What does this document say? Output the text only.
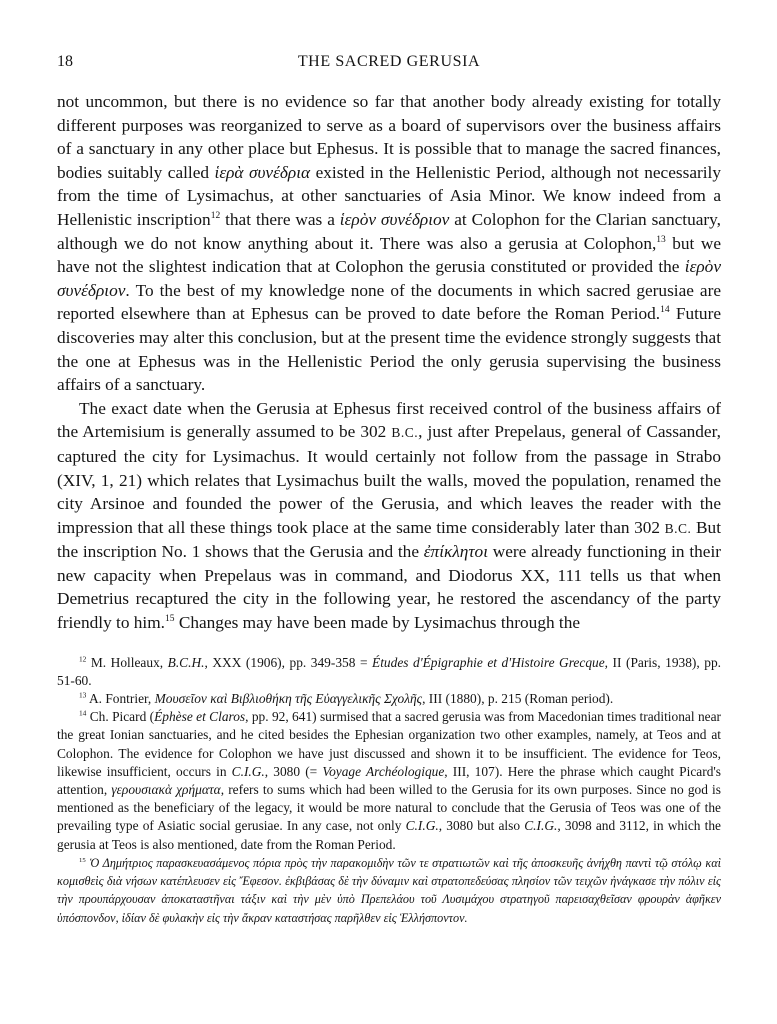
18	THE SACRED GERUSIA

not uncommon, but there is no evidence so far that another body already existing for totally different purposes was reorganized to serve as a board of supervisors over the business affairs of a sanctuary in any other place but Ephesus. It is possible that to manage the sacred finances, bodies suitably called ἱερὰ συνέδρια existed in the Hellenistic Period, although not necessarily from the time of Lysimachus, at other sanctuaries of Asia Minor. We know indeed from a Hellenistic inscription$^{12}$ that there was a ἱερὸν συνέδριον at Colophon for the Clarian sanctuary, although we do not know anything about it. There was also a gerusia at Colophon,$^{13}$ but we have not the slightest indication that at Colophon the gerusia constituted or provided the ἱερὸν συνέδριον. To the best of my knowledge none of the documents in which sacred gerusiae are reported elsewhere than at Ephesus can be proved to date before the Roman Period.$^{14}$ Future discoveries may alter this conclusion, but at the present time the evidence strongly suggests that the one at Ephesus was in the Hellenistic Period the only gerusia supervising the business affairs of a sanctuary.

The exact date when the Gerusia at Ephesus first received control of the business affairs of the Artemisium is generally assumed to be 302 B.C., just after Prepelaus, general of Cassander, captured the city for Lysimachus. It would certainly not follow from the passage in Strabo (XIV, 1, 21) which relates that Lysimachus built the walls, moved the population, renamed the city Arsinoe and founded the power of the Gerusia, and which leaves the reader with the impression that all these things took place at the same time considerably later than 302 B.C. But the inscription No. 1 shows that the Gerusia and the ἐπίκλητοι were already functioning in their new capacity when Prepelaus was in command, and Diodorus XX, 111 tells us that when Demetrius recaptured the city in the following year, he restored the ascendancy of the party friendly to him.$^{15}$ Changes may have been made by Lysimachus through the

$^{12}$ M. Holleaux, B.C.H., XXX (1906), pp. 349-358 = Études d'Épigraphie et d'Histoire Grecque, II (Paris, 1938), pp. 51-60.

$^{13}$ A. Fontrier, Μουσεῖον καὶ Βιβλιοθήκη τῆς Εὐαγγελικῆς Σχολῆς, III (1880), p. 215 (Roman period).

$^{14}$ Ch. Picard (Éphèse et Claros, pp. 92, 641) surmised that a sacred gerusia was from Macedonian times traditional near the great Ionian sanctuaries, and he cited besides the Ephesian organization two other examples, namely, at Teos and at Colophon. The evidence for Colophon we have just discussed and shown it to be insufficient. The evidence for Teos, likewise insufficient, occurs in C.I.G., 3080 (= Voyage Archéologique, III, 107). Here the phrase which caught Picard's attention, γερουσιακὰ χρήματα, refers to sums which had been willed to the Gerusia for its own purposes. Since no god is mentioned as the beneficiary of the legacy, it would be more natural to conclude that the Gerusia of Teos was one of the prevailing type of Asiatic social gerusiae. In any case, not only C.I.G., 3080 but also C.I.G., 3098 and 3112, in which the gerusia at Teos is also mentioned, date from the Roman Period.

$^{15}$ Ὁ Δημήτριος παρασκευασάμενος πόρια πρὸς τὴν παρακομιδὴν τῶν τε στρατιωτῶν καὶ τῆς ἀποσκευῆς ἀνήχθη παντὶ τῷ στόλῳ καὶ κομισθεὶς διὰ νήσων κατέπλευσεν εἰς Ἔφεσον. ἐκβιβάσας δὲ τὴν δύναμιν καὶ στρατοπεδεύσας πλησίον τῶν τειχῶν ἠνάγκασε τὴν πόλιν εἰς τὴν προυπάρχουσαν ἀποκαταστῆναι τάξιν καὶ τὴν μὲν ὑπὸ Πρεπελάου τοῦ Λυσιμάχου στρατηγοῦ παρεισαχθεῖσαν φρουρὰν ἀφῆκεν ὑπόσπονδον, ἰδίαν δὲ φυλακὴν εἰς τὴν ἄκραν καταστήσας παρῆλθεν εἰς Ἑλλήσποντον.
